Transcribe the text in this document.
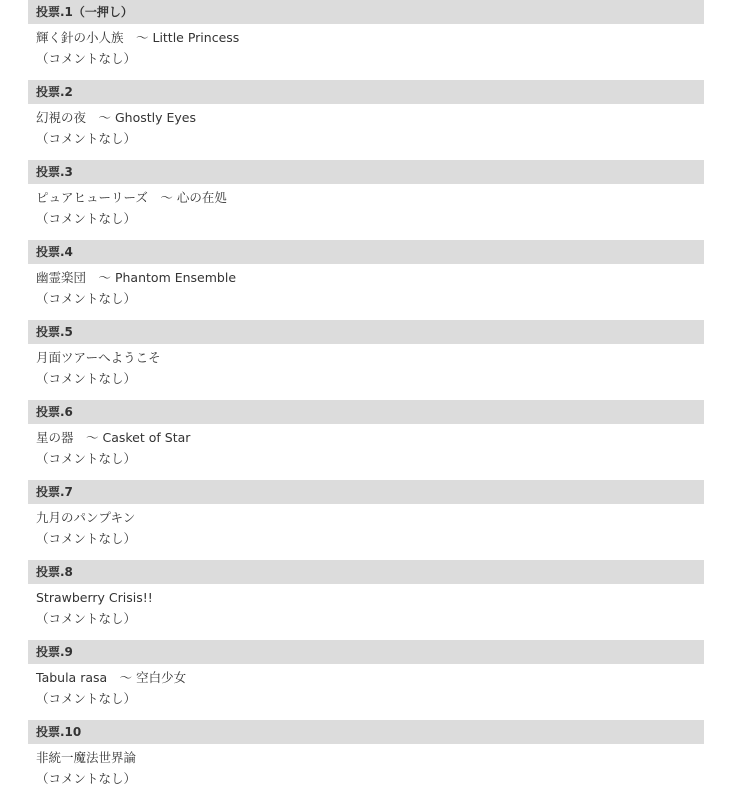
投票.1（一押し）
輝く針の小人族　～ Little Princess
（コメントなし）
投票.2
幻視の夜　～ Ghostly Eyes
（コメントなし）
投票.3
ピュアヒューリーズ　～ 心の在処
（コメントなし）
投票.4
幽霊楽団　～ Phantom Ensemble
（コメントなし）
投票.5
月面ツアーへようこそ
（コメントなし）
投票.6
星の器　～ Casket of Star
（コメントなし）
投票.7
九月のパンプキン
（コメントなし）
投票.8
Strawberry Crisis!!
（コメントなし）
投票.9
Tabula rasa　～ 空白少女
（コメントなし）
投票.10
非統一魔法世界論
（コメントなし）
